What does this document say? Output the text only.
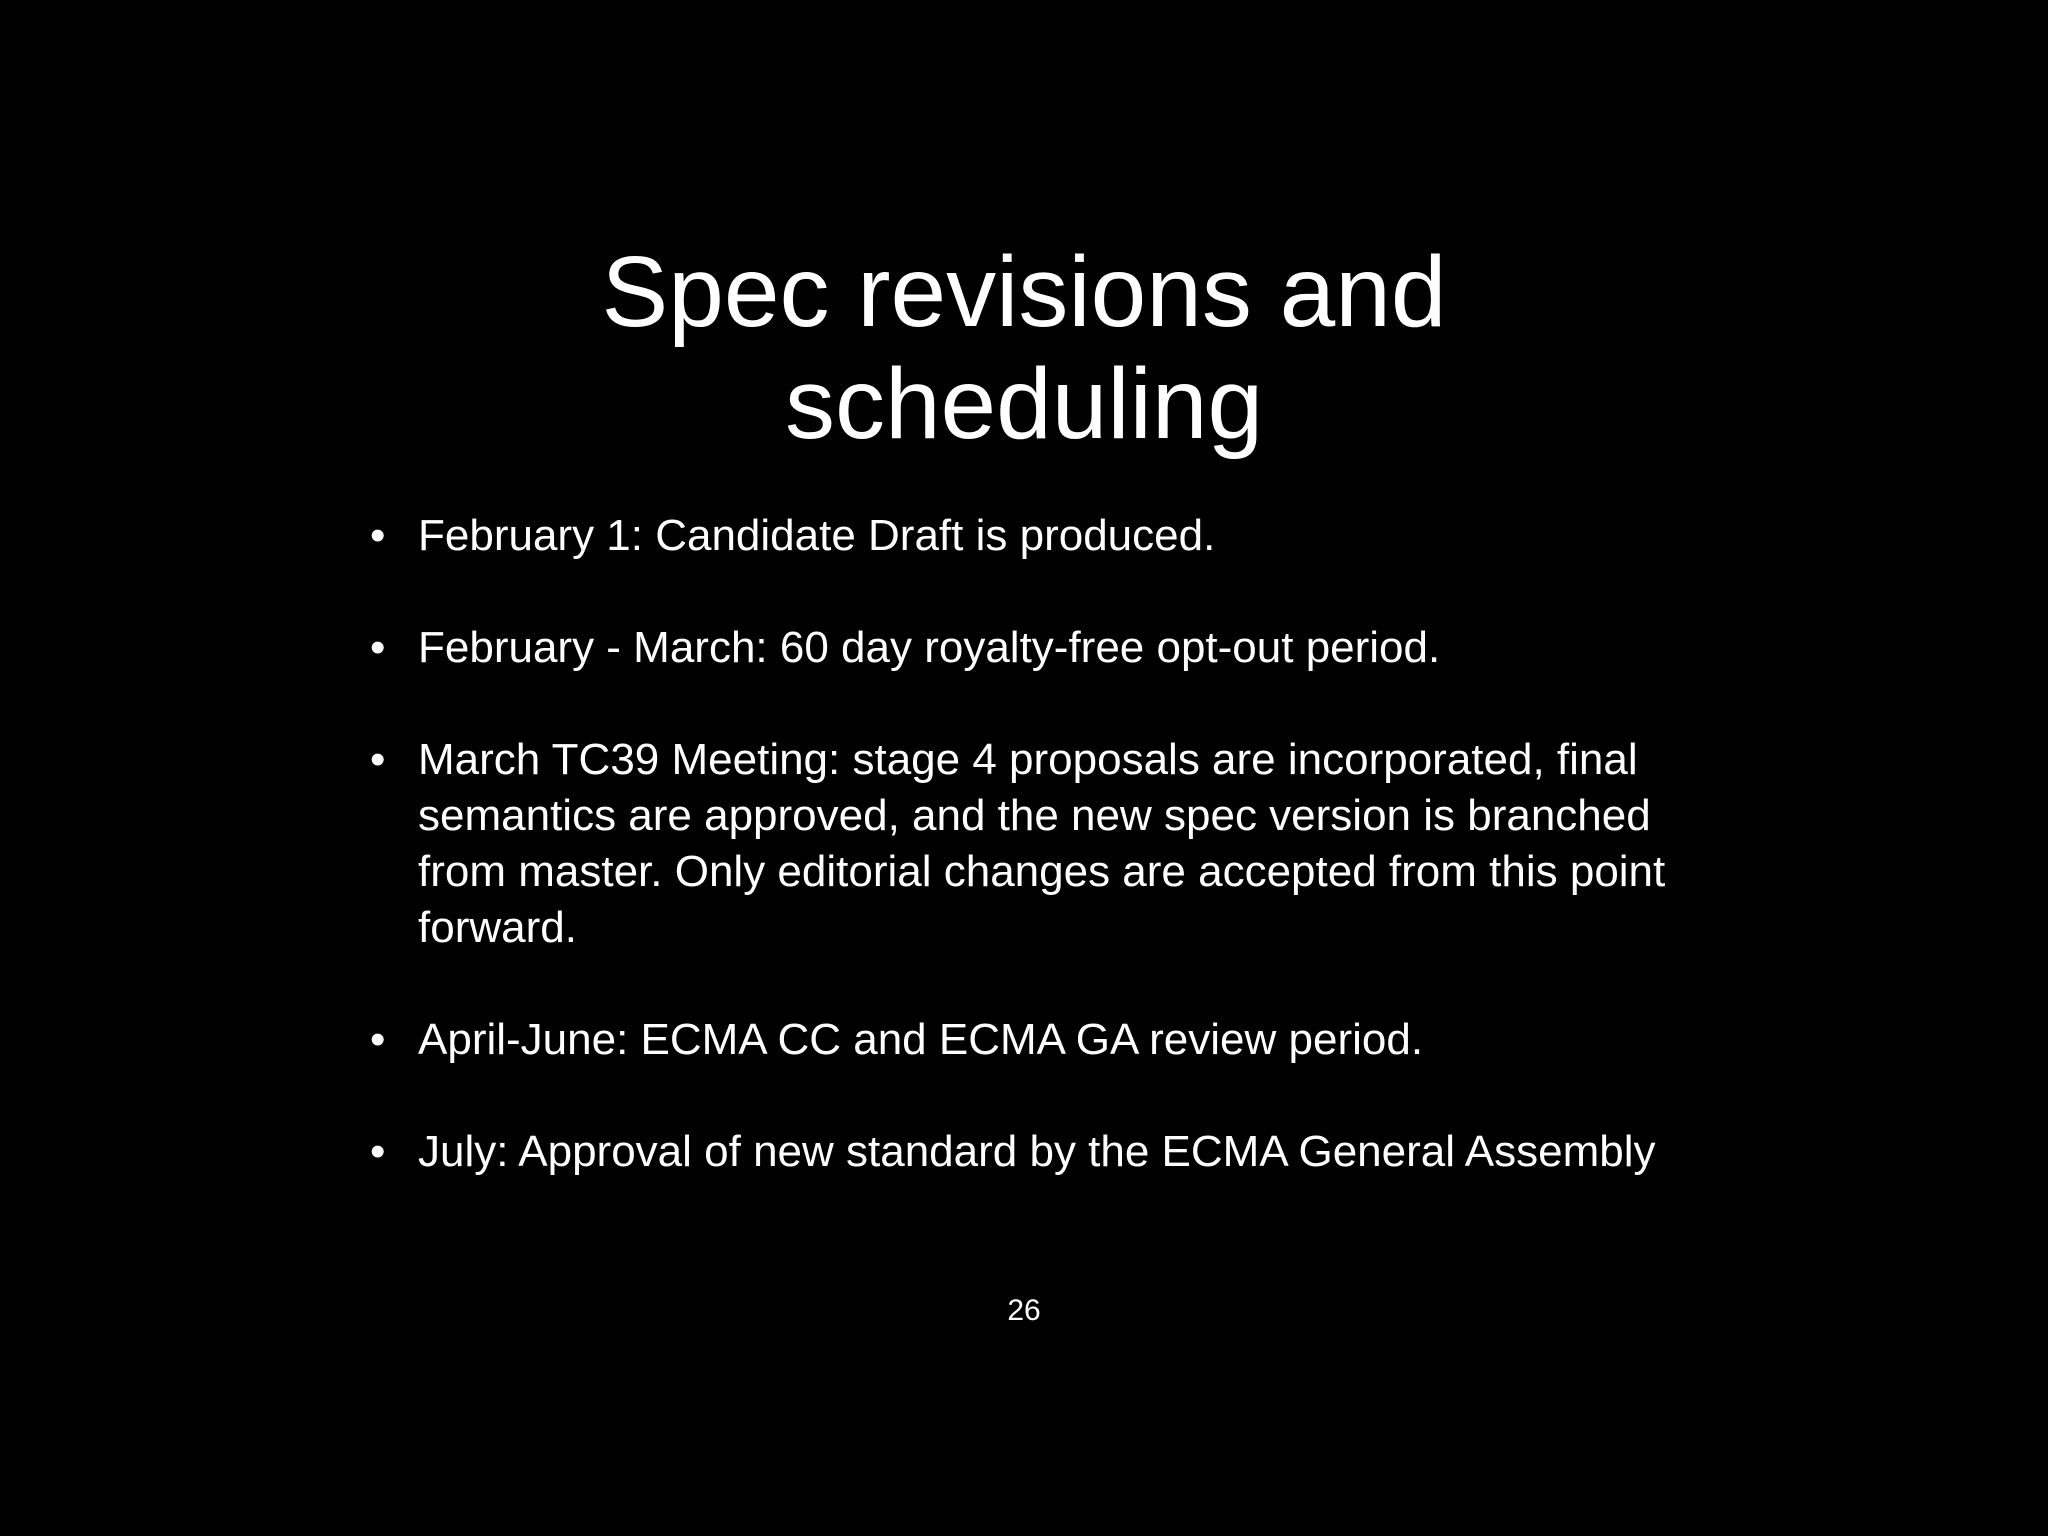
Spec revisions and
scheduling
• February 1: Candidate Draft is produced.
• February - March: 60 day royalty-free opt-out period.
• March TC39 Meeting: stage 4 proposals are incorporated, final semantics are approved, and the new spec version is branched from master. Only editorial changes are accepted from this point forward.
• April-June: ECMA CC and ECMA GA review period.
• July: Approval of new standard by the ECMA General Assembly
26
